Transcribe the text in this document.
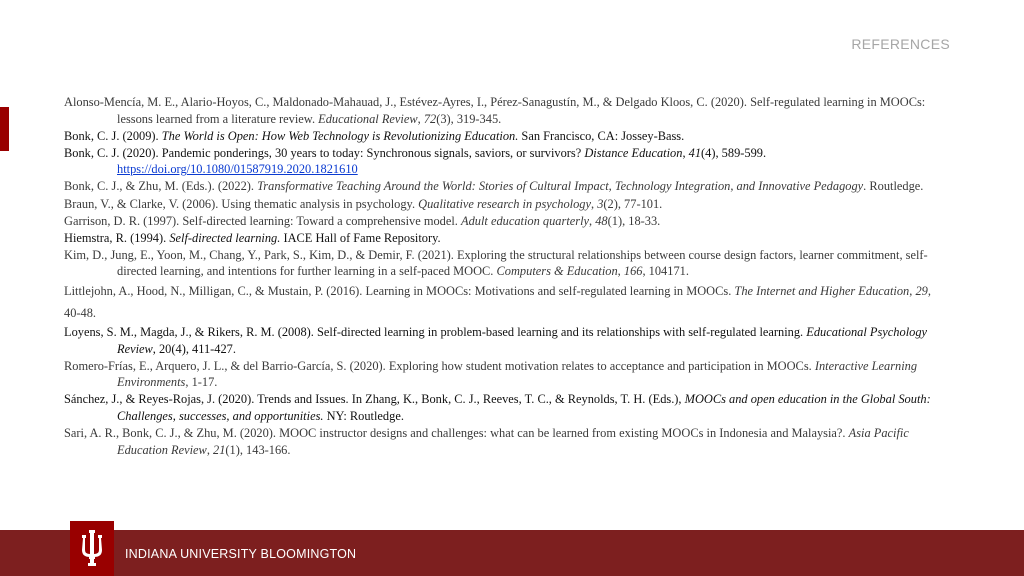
REFERENCES

Alonso-Mencía, M. E., Alario-Hoyos, C., Maldonado-Mahauad, J., Estévez-Ayres, I., Pérez-Sanagustín, M., & Delgado Kloos, C. (2020). Self-regulated learning in MOOCs: lessons learned from a literature review. Educational Review, 72(3), 319-345.

Bonk, C. J. (2009). The World is Open: How Web Technology is Revolutionizing Education. San Francisco, CA: Jossey-Bass.

Bonk, C. J. (2020). Pandemic ponderings, 30 years to today: Synchronous signals, saviors, or survivors? Distance Education, 41(4), 589-599. https://doi.org/10.1080/01587919.2020.1821610

Bonk, C. J., & Zhu, M. (Eds.). (2022). Transformative Teaching Around the World: Stories of Cultural Impact, Technology Integration, and Innovative Pedagogy. Routledge.

Braun, V., & Clarke, V. (2006). Using thematic analysis in psychology. Qualitative research in psychology, 3(2), 77-101.

Garrison, D. R. (1997). Self-directed learning: Toward a comprehensive model. Adult education quarterly, 48(1), 18-33.

Hiemstra, R. (1994). Self-directed learning. IACE Hall of Fame Repository.

Kim, D., Jung, E., Yoon, M., Chang, Y., Park, S., Kim, D., & Demir, F. (2021). Exploring the structural relationships between course design factors, learner commitment, self-directed learning, and intentions for further learning in a self-paced MOOC. Computers & Education, 166, 104171.

Littlejohn, A., Hood, N., Milligan, C., & Mustain, P. (2016). Learning in MOOCs: Motivations and self-regulated learning in MOOCs. The Internet and Higher Education, 29, 40-48.

Loyens, S. M., Magda, J., & Rikers, R. M. (2008). Self-directed learning in problem-based learning and its relationships with self-regulated learning. Educational Psychology Review, 20(4), 411-427.

Romero-Frías, E., Arquero, J. L., & del Barrio-García, S. (2020). Exploring how student motivation relates to acceptance and participation in MOOCs. Interactive Learning Environments, 1-17.

Sánchez, J., & Reyes-Rojas, J. (2020). Trends and Issues. In Zhang, K., Bonk, C. J., Reeves, T. C., & Reynolds, T. H. (Eds.), MOOCs and open education in the Global South: Challenges, successes, and opportunities. NY: Routledge.

Sari, A. R., Bonk, C. J., & Zhu, M. (2020). MOOC instructor designs and challenges: what can be learned from existing MOOCs in Indonesia and Malaysia?. Asia Pacific Education Review, 21(1), 143-166.

INDIANA UNIVERSITY BLOOMINGTON
